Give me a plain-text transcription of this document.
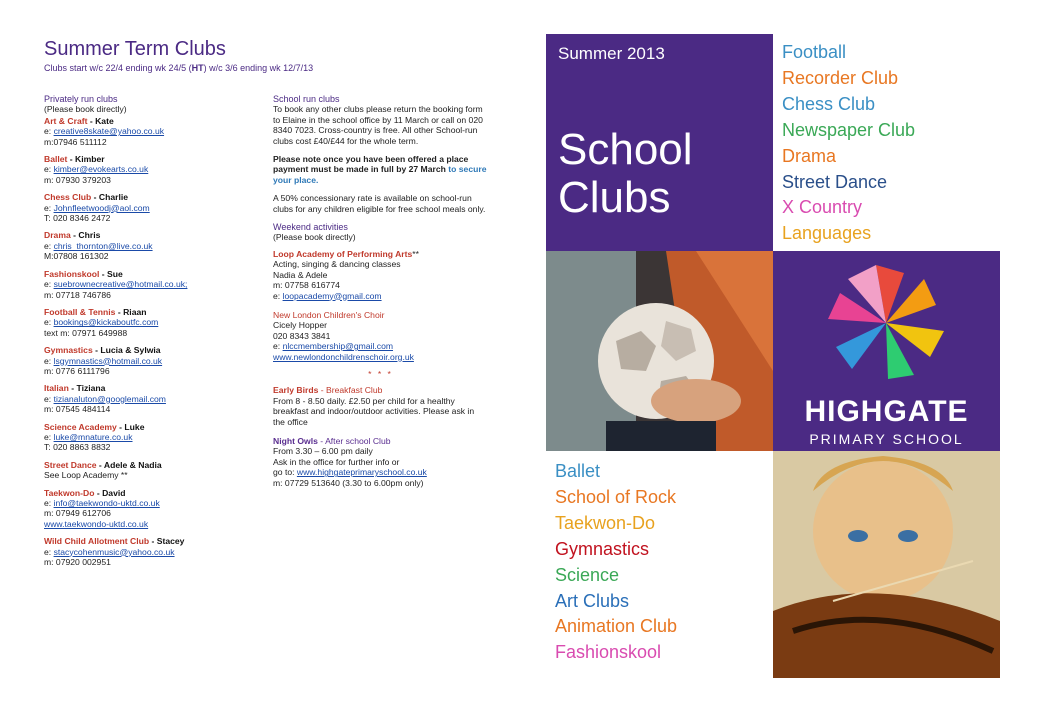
Summer Term Clubs
Clubs start w/c 22/4 ending wk 24/5 (HT) w/c 3/6 ending wk 12/7/13
Privately run clubs
(Please book directly)
Art & Craft - Kate
e: creative8skate@yahoo.co.uk
m:07946 511112
Ballet - Kimber
e: kimber@evokearts.co.uk
m: 07930 379203
Chess Club - Charlie
e: Johnfleetwoodj@aol.com
T: 020 8346 2472
Drama - Chris
e: chris_thornton@live.co.uk
M:07808 161302
Fashionskool - Sue
e: suebrownecreative@hotmail.co.uk;
m: 07718 746786
Football & Tennis - Riaan
e: bookings@kickaboutfc.com
text m: 07971 649988
Gymnastics - Lucia & Sylwia
e: lsgymnastics@hotmail.co.uk
m: 0776 6111796
Italian - Tiziana
e: tizianaluton@googlemail.com
m: 07545 484114
Science Academy - Luke
e: luke@mnature.co.uk
T: 020 8863 8832
Street Dance - Adele & Nadia
See Loop Academy **
Taekwon-Do - David
e: info@taekwondo-uktd.co.uk
m: 07949 612706
www.taekwondo-uktd.co.uk
Wild Child Allotment Club - Stacey
e: stacycohenmusic@yahoo.co.uk
m: 07920 002951
School run clubs
To book any other clubs please return the booking form to Elaine in the school office by 11 March or call on 020 8340 7023. Cross-country is free. All other School-run clubs cost £40/£44 for the whole term.
Please note once you have been offered a place payment must be made in full by 27 March to secure your place.
A 50% concessionary rate is available on school-run clubs for any children eligible for free school meals only.
Weekend activities
(Please book directly)
Loop Academy of Performing Arts**
Acting, singing & dancing classes
Nadia & Adele
m: 07758 616774
e: loopacademy@gmail.com
New London Children's Choir
Cicely Hopper
020 8343 3841
e: nlccmembership@gmail.com
www.newlondonchildrenschoir.org.uk
* * *
Early Birds - Breakfast Club
From 8 - 8.50 daily. £2.50 per child for a healthy breakfast and indoor/outdoor activities. Please ask in the office
Night Owls - After school Club
From 3.30 – 6.00 pm daily
Ask in the office for further info or
go to: www.highgateprimaryschool.co.uk
m: 07729 513640 (3.30 to 6.00pm only)
Summer 2013
School
Clubs
Football
Recorder Club
Chess Club
Newspaper Club
Drama
Street Dance
X Country
Languages
HIGHGATE
PRIMARY SCHOOL
Ballet
School of Rock
Taekwon-Do
Gymnastics
Science
Art Clubs
Animation Club
Fashionskool
